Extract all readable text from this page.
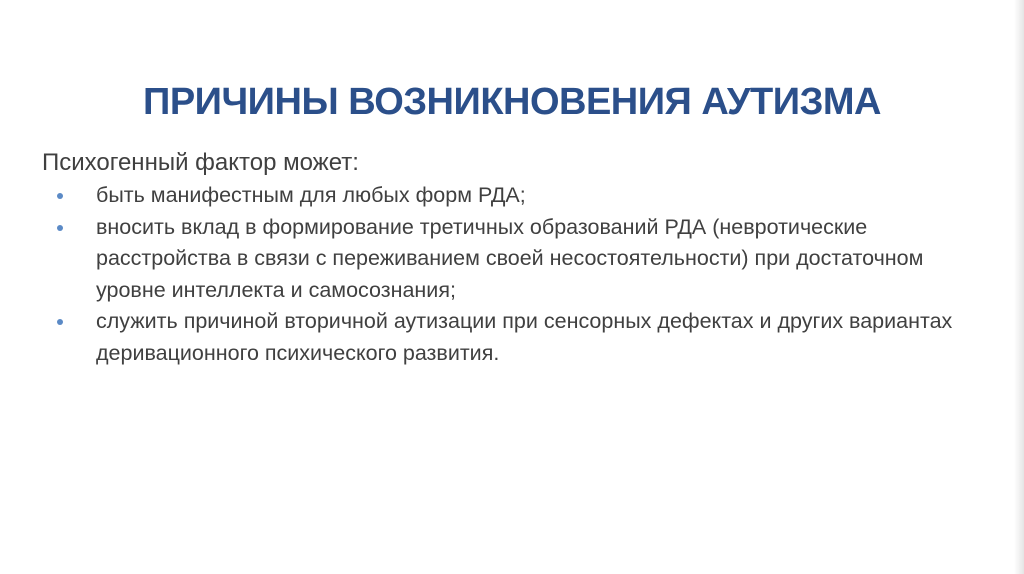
ПРИЧИНЫ ВОЗНИКНОВЕНИЯ АУТИЗМА

Психогенный фактор может:

быть манифестным для любых форм РДА;
вносить вклад в формирование третичных образований РДА (невротические расстройства в связи с переживанием своей несостоятельности) при достаточном уровне интеллекта и самосознания;
служить причиной вторичной аутизации при сенсорных дефектах и других вариантах деривационного психического развития.
